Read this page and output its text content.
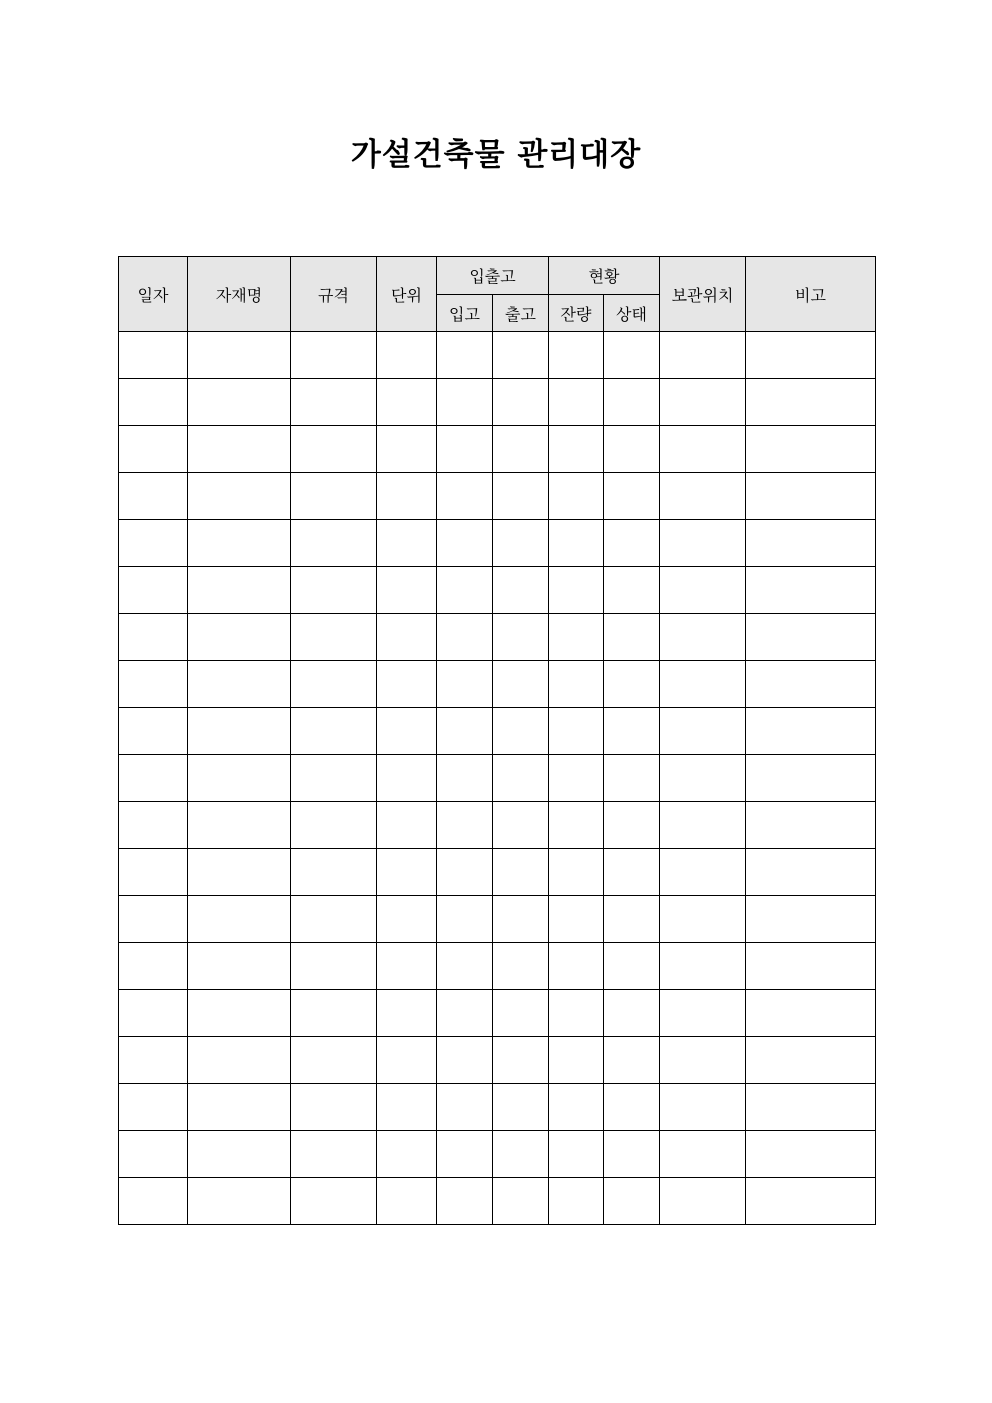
가설건축물 관리대장
일자	자재명	규격	단위	입출고		현황		보관위치	비고
				입고	출고	잔량	상태		
